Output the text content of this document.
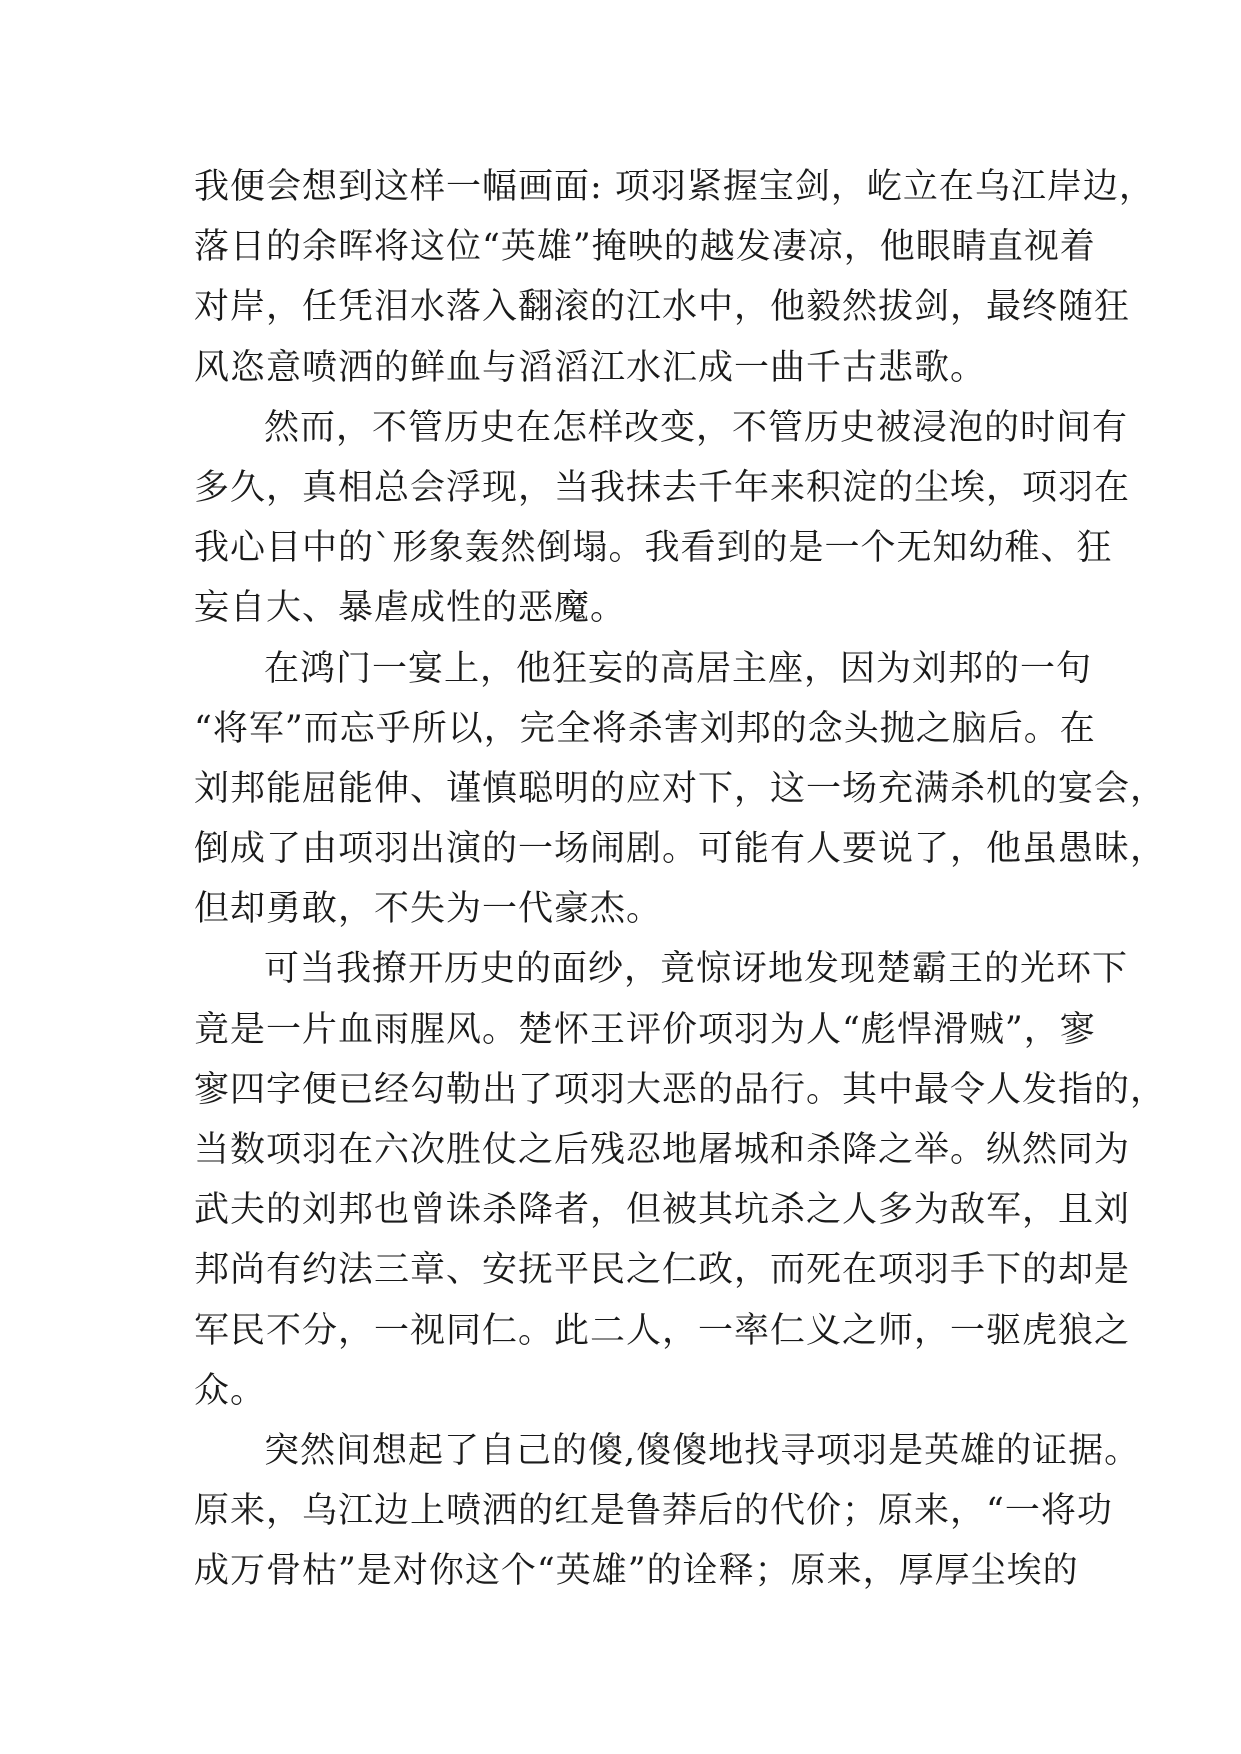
我便会想到这样一幅画面: 项羽紧握宝剑，屹立在乌江岸边，
落日的余晖将这位“英雄”掩映的越发凄凉，他眼睛直视着
对岸，任凭泪水落入翻滚的江水中，他毅然拔剑，最终随狂
风恣意喷洒的鲜血与滔滔江水汇成一曲千古悲歌。
然而，不管历史在怎样改变，不管历史被浸泡的时间有
多久，真相总会浮现，当我抹去千年来积淀的尘埃，项羽在
我心目中的`形象轰然倒塌。我看到的是一个无知幼稚、狂
妄自大、暴虐成性的恶魔。
在鸿门一宴上，他狂妄的高居主座，因为刘邦的一句
“将军”而忘乎所以，完全将杀害刘邦的念头抛之脑后。在
刘邦能屈能伸、谨慎聪明的应对下，这一场充满杀机的宴会，
倒成了由项羽出演的一场闹剧。可能有人要说了，他虽愚昧，
但却勇敢，不失为一代豪杰。
可当我撩开历史的面纱，竟惊讶地发现楚霸王的光环下
竟是一片血雨腥风。楚怀王评价项羽为人“彪悍滑贼”，寥
寥四字便已经勾勒出了项羽大恶的品行。其中最令人发指的，
当数项羽在六次胜仗之后残忍地屠城和杀降之举。纵然同为
武夫的刘邦也曾诛杀降者，但被其坑杀之人多为敌军，且刘
邦尚有约法三章、安抚平民之仁政，而死在项羽手下的却是
军民不分，一视同仁。此二人，一率仁义之师，一驱虎狼之
众。
突然间想起了自己的傻,傻傻地找寻项羽是英雄的证据。
原来，乌江边上喷洒的红是鲁莽后的代价；原来，“一将功
成万骨枯”是对你这个“英雄”的诠释；原来，厚厚尘埃的
